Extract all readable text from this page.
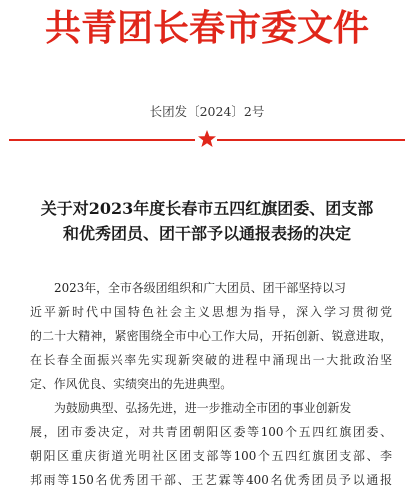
共青团长春市委文件
长团发〔2024〕2号
关于对2023年度长春市五四红旗团委、团支部
和优秀团员、团干部予以通报表扬的决定
2023年，全市各级团组织和广大团员、团干部坚持以习
近平新时代中国特色社会主义思想为指导，深入学习贯彻党
的二十大精神，紧密围绕全市中心工作大局，开拓创新、锐意进取，
在长春全面振兴率先实现新突破的进程中涌现出一大批政治坚
定、作风优良、实绩突出的先进典型。
为鼓励典型、弘扬先进，进一步推动全市团的事业创新发
展，团市委决定，对共青团朝阳区委等100个五四红旗团委、
朝阳区重庆街道光明社区团支部等100个五四红旗团支部、李
邦雨等150名优秀团干部、王艺霖等400名优秀团员予以通报
